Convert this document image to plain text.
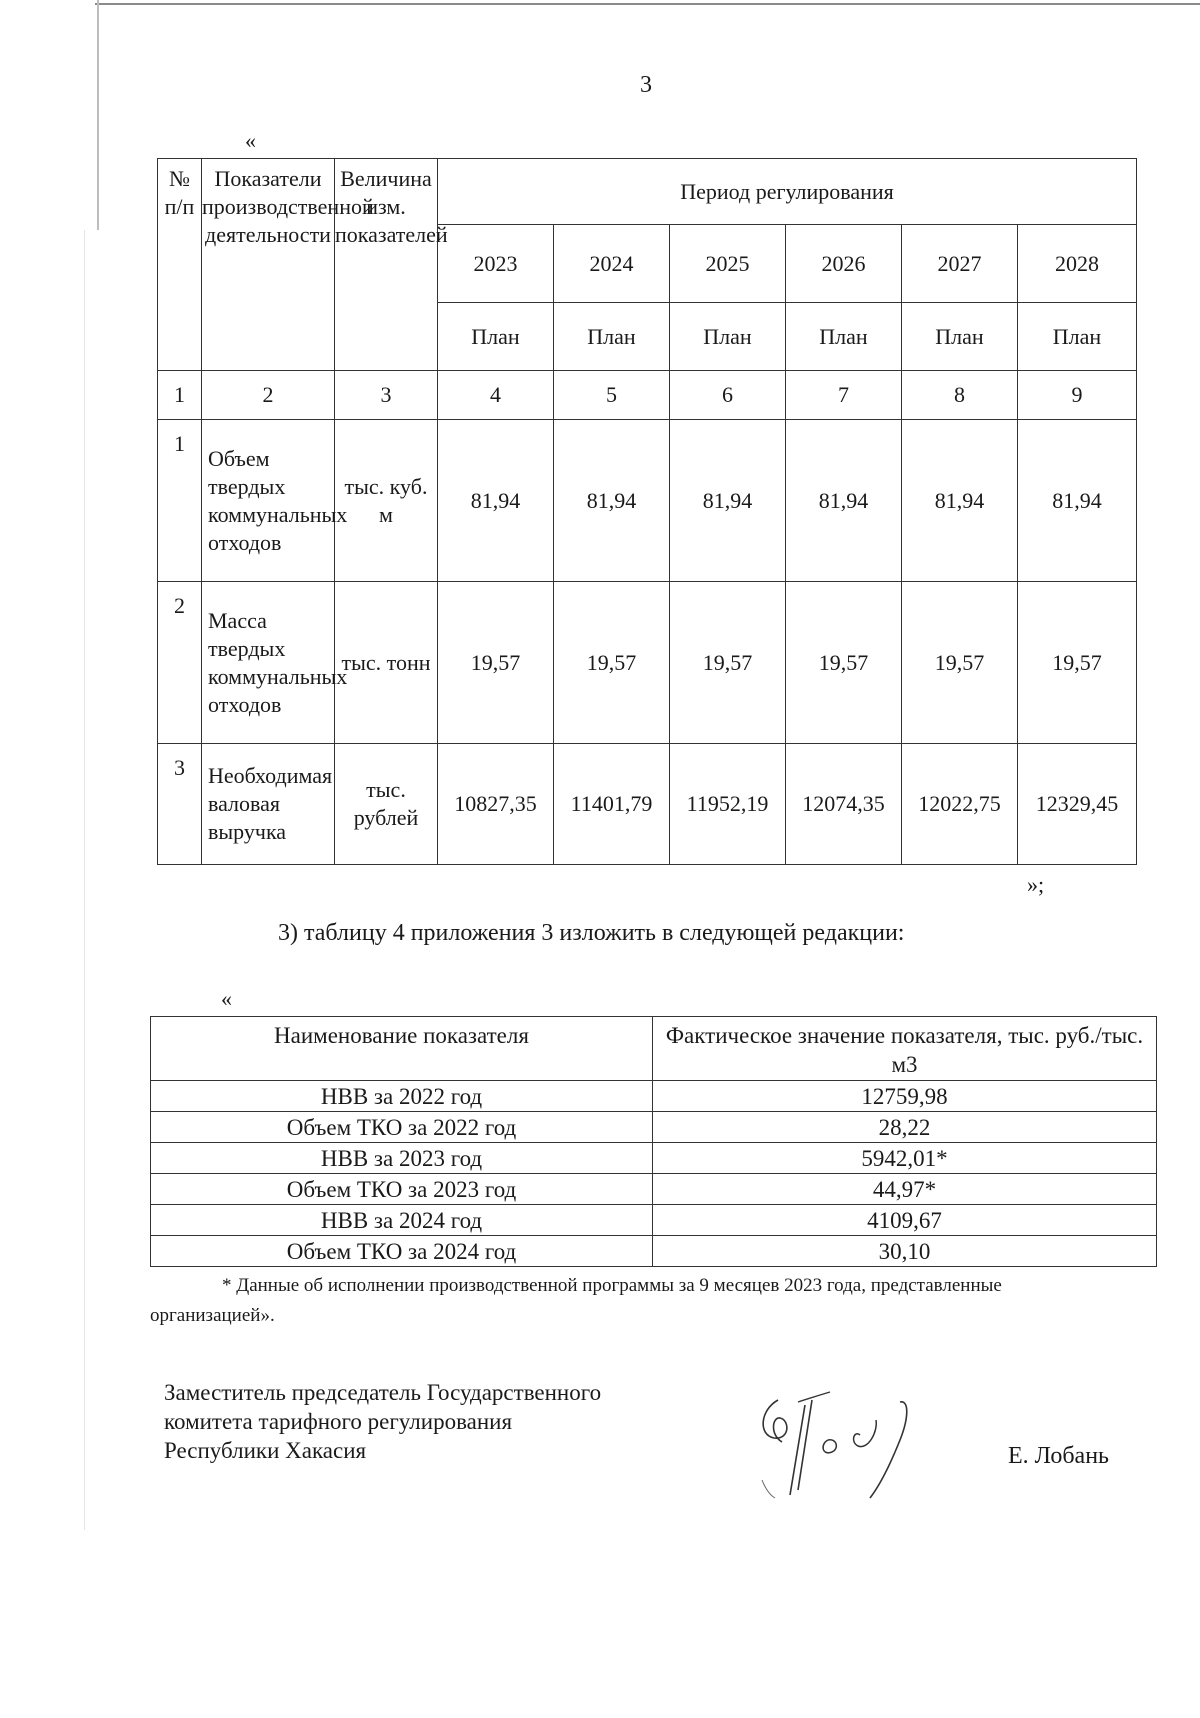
3
«
№ п/п	Показатели производственной деятельности	Величина изм. показателей	Период регулирования					
			2023	2024	2025	2026	2027	2028
			План	План	План	План	План	План
1	2	3	4	5	6	7	8	9
1	Объем твердых коммунальных отходов	тыс. куб. м	81,94	81,94	81,94	81,94	81,94	81,94
2	Масса твердых коммунальных отходов	тыс. тонн	19,57	19,57	19,57	19,57	19,57	19,57
3	Необходимая валовая выручка	тыс. рублей	10827,35	11401,79	11952,19	12074,35	12022,75	12329,45
»;
3) таблицу 4 приложения 3 изложить в следующей редакции:
«
Наименование показателя	Фактическое значение показателя, тыс. руб./тыс. м3
НВВ за 2022 год	12759,98
Объем ТКО за 2022 год	28,22
НВВ за 2023 год	5942,01*
Объем ТКО за 2023 год	44,97*
НВВ за 2024 год	4109,67
Объем ТКО за 2024 год	30,10
* Данные об исполнении производственной программы за 9 месяцев 2023 года, представленные
организацией».
Заместитель председатель Государственного
комитета тарифного регулирования
Республики Хакасия	Е. Лобань
